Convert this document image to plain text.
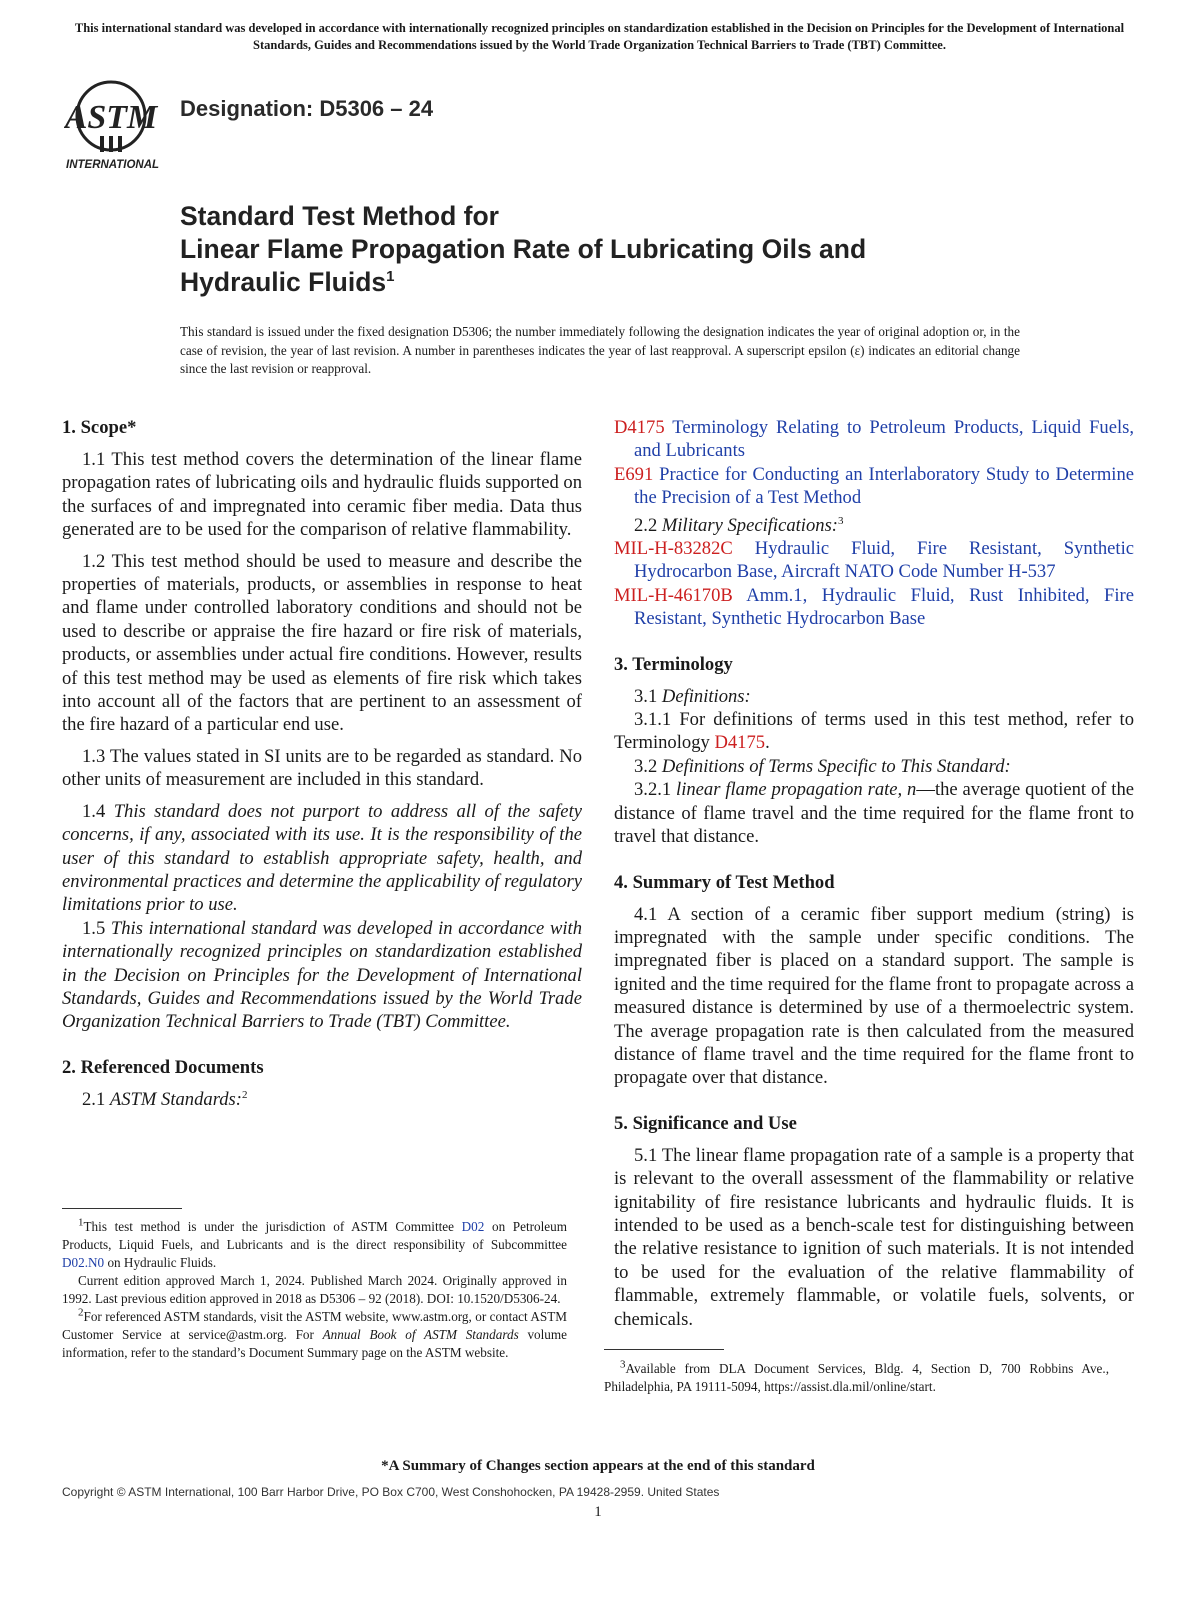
This international standard was developed in accordance with internationally recognized principles on standardization established in the Decision on Principles for the Development of International Standards, Guides and Recommendations issued by the World Trade Organization Technical Barriers to Trade (TBT) Committee.
ASTM
INTERNATIONAL
Designation: D5306 – 24
Standard Test Method for
Linear Flame Propagation Rate of Lubricating Oils and
Hydraulic Fluids$^1$
This standard is issued under the fixed designation D5306; the number immediately following the designation indicates the year of original adoption or, in the case of revision, the year of last revision. A number in parentheses indicates the year of last reapproval. A superscript epsilon (ε) indicates an editorial change since the last revision or reapproval.
1. Scope*

1.1 This test method covers the determination of the linear flame propagation rates of lubricating oils and hydraulic fluids supported on the surfaces of and impregnated into ceramic fiber media. Data thus generated are to be used for the comparison of relative flammability.

1.2 This test method should be used to measure and describe the properties of materials, products, or assemblies in response to heat and flame under controlled laboratory conditions and should not be used to describe or appraise the fire hazard or fire risk of materials, products, or assemblies under actual fire conditions. However, results of this test method may be used as elements of fire risk which takes into account all of the factors that are pertinent to an assessment of the fire hazard of a particular end use.

1.3 The values stated in SI units are to be regarded as standard. No other units of measurement are included in this standard.

1.4 This standard does not purport to address all of the safety concerns, if any, associated with its use. It is the responsibility of the user of this standard to establish appropriate safety, health, and environmental practices and determine the applicability of regulatory limitations prior to use.

1.5 This international standard was developed in accordance with internationally recognized principles on standardization established in the Decision on Principles for the Development of International Standards, Guides and Recommendations issued by the World Trade Organization Technical Barriers to Trade (TBT) Committee.

2. Referenced Documents

2.1 ASTM Standards:$^2$

D4175 Terminology Relating to Petroleum Products, Liquid Fuels, and Lubricants

E691 Practice for Conducting an Interlaboratory Study to Determine the Precision of a Test Method

2.2 Military Specifications:$^3$

MIL-H-83282C Hydraulic Fluid, Fire Resistant, Synthetic Hydrocarbon Base, Aircraft NATO Code Number H-537

MIL-H-46170B Amm.1, Hydraulic Fluid, Rust Inhibited, Fire Resistant, Synthetic Hydrocarbon Base

3. Terminology

3.1 Definitions:

3.1.1 For definitions of terms used in this test method, refer to Terminology D4175.

3.2 Definitions of Terms Specific to This Standard:

3.2.1 linear flame propagation rate, n—the average quotient of the distance of flame travel and the time required for the flame front to travel that distance.

4. Summary of Test Method

4.1 A section of a ceramic fiber support medium (string) is impregnated with the sample under specific conditions. The impregnated fiber is placed on a standard support. The sample is ignited and the time required for the flame front to propagate across a measured distance is determined by use of a thermoelectric system. The average propagation rate is then calculated from the measured distance of flame travel and the time required for the flame front to propagate over that distance.

5. Significance and Use

5.1 The linear flame propagation rate of a sample is a property that is relevant to the overall assessment of the flammability or relative ignitability of fire resistance lubricants and hydraulic fluids. It is intended to be used as a bench-scale test for distinguishing between the relative resistance to ignition of such materials. It is not intended to be used for the evaluation of the relative flammability of flammable, extremely flammable, or volatile fuels, solvents, or chemicals.

$^1$This test method is under the jurisdiction of ASTM Committee D02 on Petroleum Products, Liquid Fuels, and Lubricants and is the direct responsibility of Subcommittee D02.N0 on Hydraulic Fluids.

Current edition approved March 1, 2024. Published March 2024. Originally approved in 1992. Last previous edition approved in 2018 as D5306 – 92 (2018). DOI: 10.1520/D5306-24.

$^2$For referenced ASTM standards, visit the ASTM website, www.astm.org, or contact ASTM Customer Service at service@astm.org. For Annual Book of ASTM Standards volume information, refer to the standard’s Document Summary page on the ASTM website.

$^3$Available from DLA Document Services, Bldg. 4, Section D, 700 Robbins Ave., Philadelphia, PA 19111-5094, https://assist.dla.mil/online/start.

*A Summary of Changes section appears at the end of this standard
Copyright © ASTM International, 100 Barr Harbor Drive, PO Box C700, West Conshohocken, PA 19428-2959. United States
1
